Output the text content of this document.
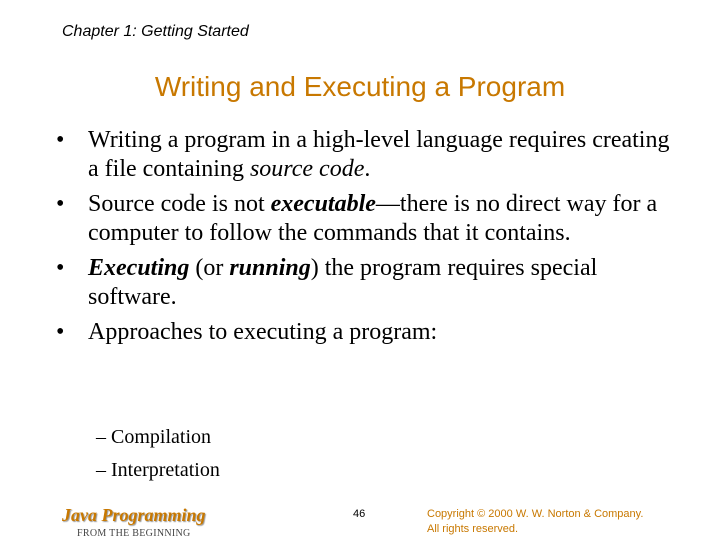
Chapter 1: Getting Started
Writing and Executing a Program
• Writing a program in a high-level language requires creating a file containing source code.
• Source code is not executable—there is no direct way for a computer to follow the commands that it contains.
• Executing (or running) the program requires special software.
• Approaches to executing a program:
– Compilation
– Interpretation
Java Programming
FROM THE BEGINNING
46	Copyright © 2000 W. W. Norton & Company.
All rights reserved.
